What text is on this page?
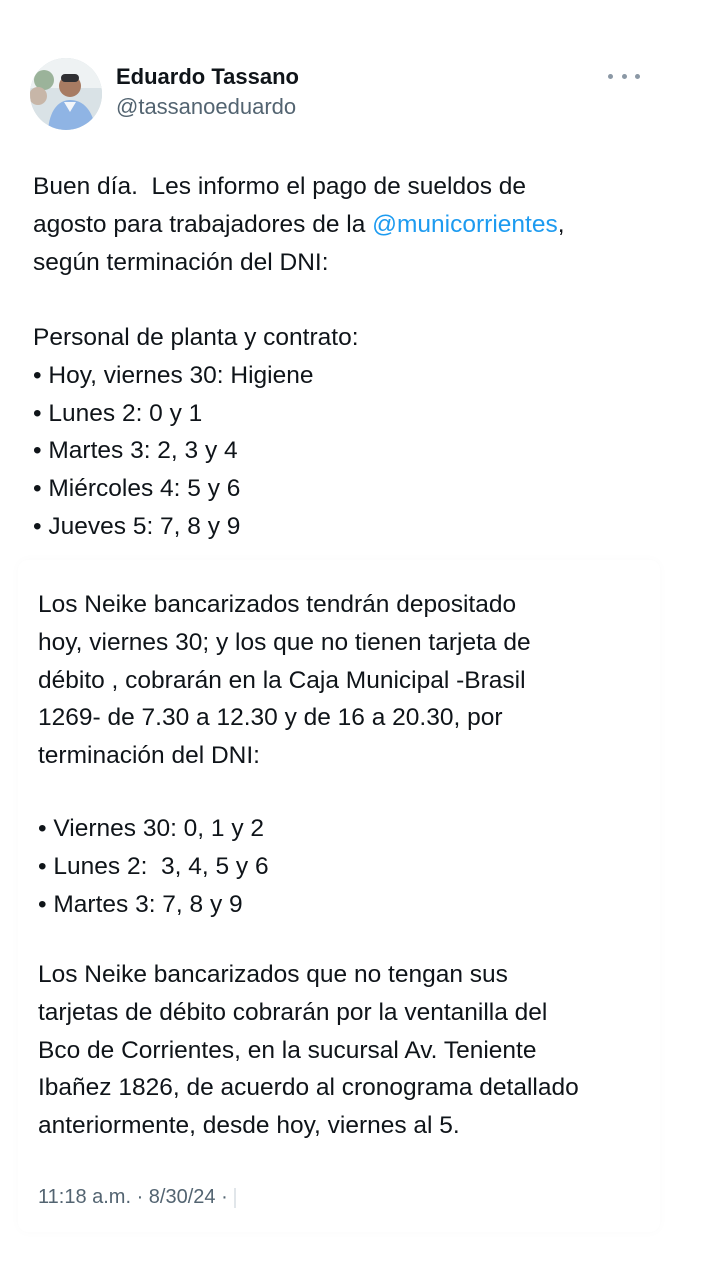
Eduardo Tassano
@tassanoeduardo
Buen día.  Les informo el pago de sueldos de
agosto para trabajadores de la @municorrientes,
según terminación del DNI:
Personal de planta y contrato:
• Hoy, viernes 30: Higiene
• Lunes 2: 0 y 1
• Martes 3: 2, 3 y 4
• Miércoles 4: 5 y 6
• Jueves 5: 7, 8 y 9
Los Neike bancarizados tendrán depositado
hoy, viernes 30; y los que no tienen tarjeta de
débito , cobrarán en la Caja Municipal -Brasil
1269- de 7.30 a 12.30 y de 16 a 20.30, por
terminación del DNI:
• Viernes 30: 0, 1 y 2
• Lunes 2:  3, 4, 5 y 6
• Martes 3: 7, 8 y 9
Los Neike bancarizados que no tengan sus
tarjetas de débito cobrarán por la ventanilla del
Bco de Corrientes, en la sucursal Av. Teniente
Ibañez 1826, de acuerdo al cronograma detallado
anteriormente, desde hoy, viernes al 5.
11:18 a.m. · 8/30/24 ·
